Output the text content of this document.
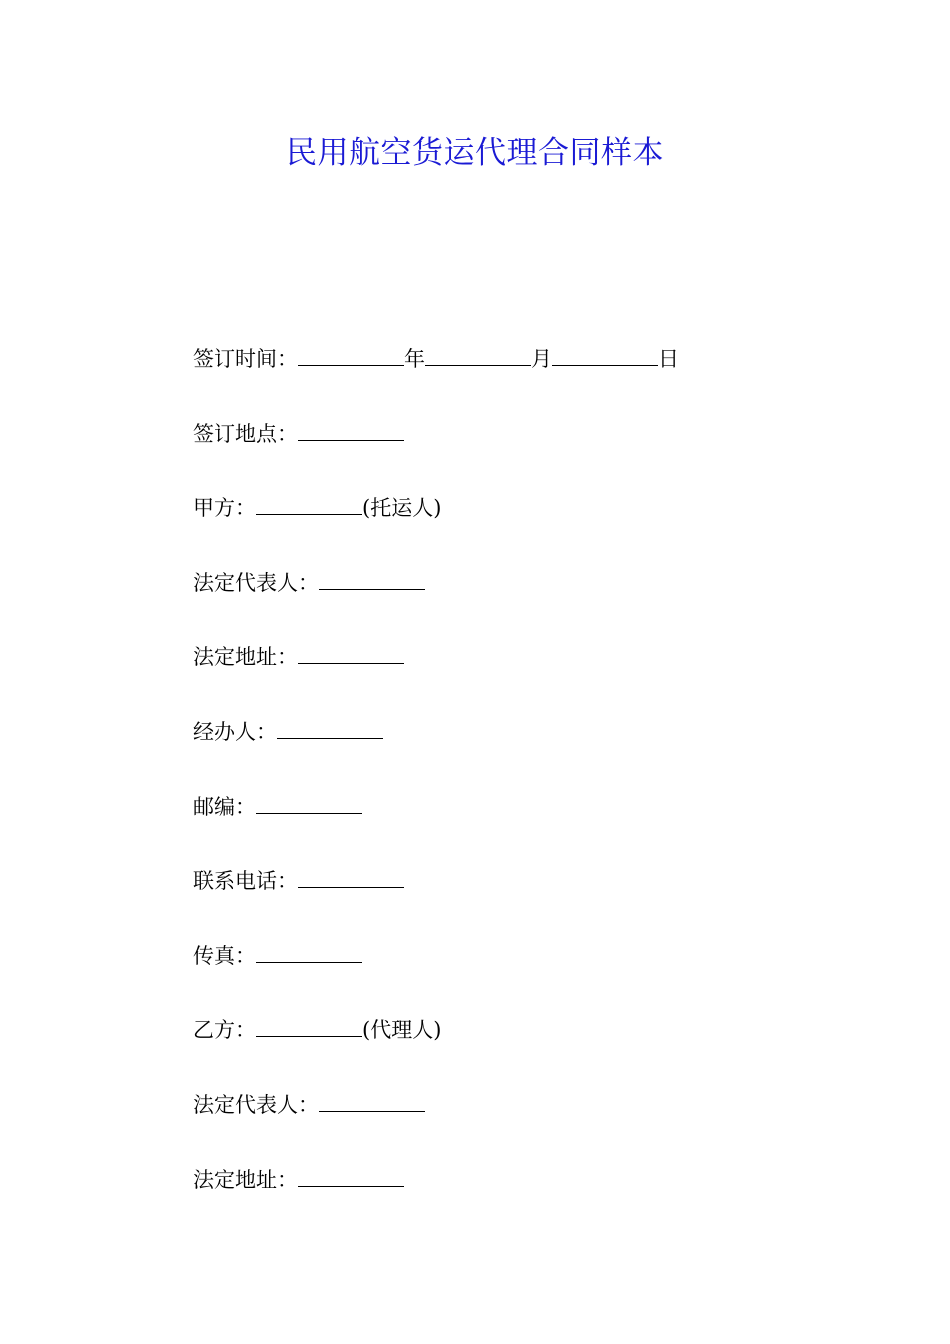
民用航空货运代理合同样本
签订时间：	年	月	日
签订地点：
甲方：	(托运人)
法定代表人：
法定地址：
经办人：
邮编：
联系电话：
传真：
乙方：	(代理人)
法定代表人：
法定地址：
